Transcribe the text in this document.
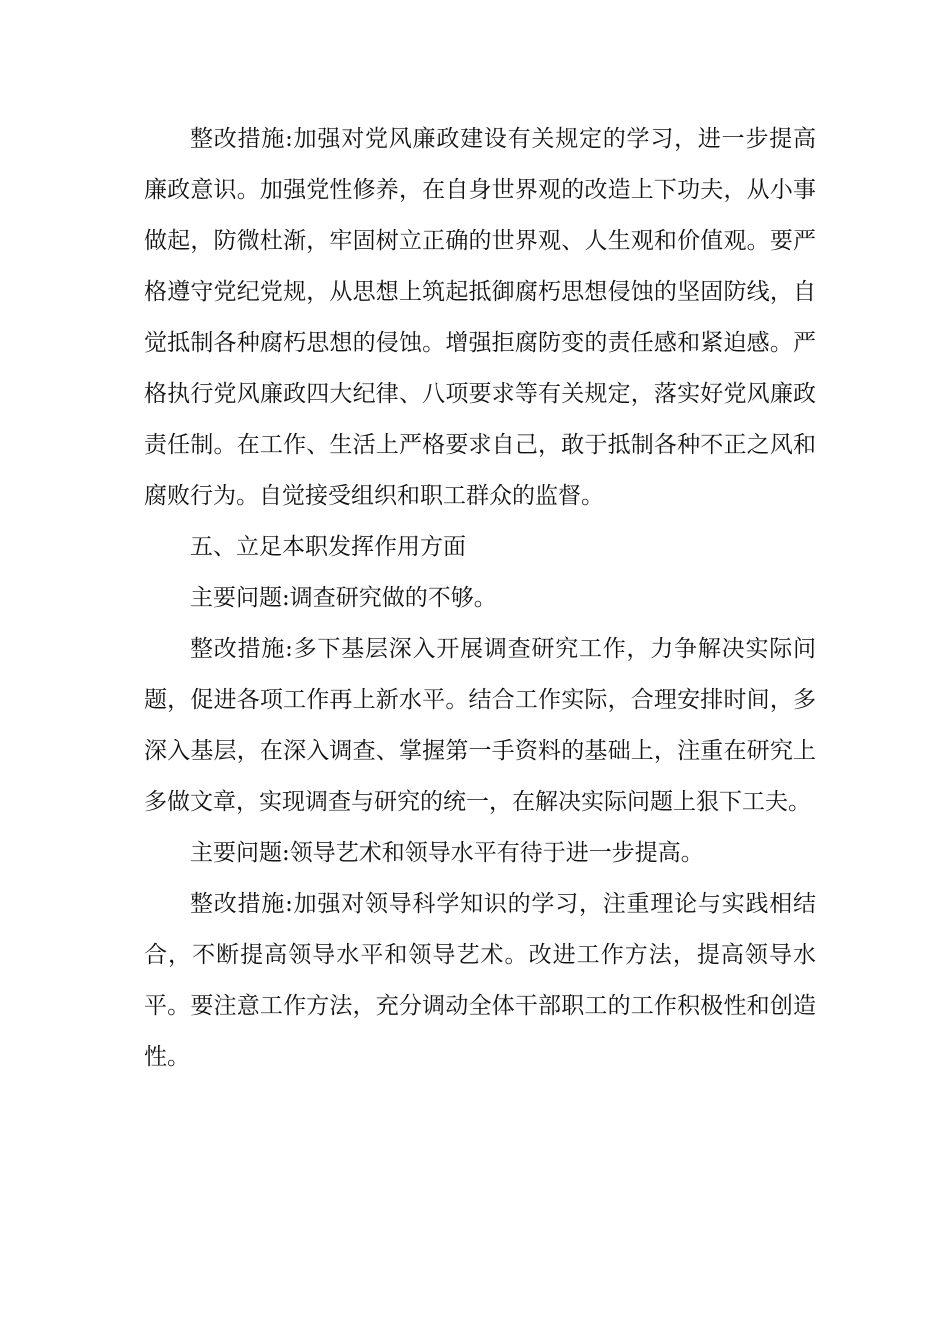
整改措施:加强对党风廉政建设有关规定的学习，进一步提高廉政意识。加强党性修养，在自身世界观的改造上下功夫，从小事做起，防微杜渐，牢固树立正确的世界观、人生观和价值观。要严格遵守党纪党规，从思想上筑起抵御腐朽思想侵蚀的坚固防线，自觉抵制各种腐朽思想的侵蚀。增强拒腐防变的责任感和紧迫感。严格执行党风廉政四大纪律、八项要求等有关规定，落实好党风廉政责任制。在工作、生活上严格要求自己，敢于抵制各种不正之风和腐败行为。自觉接受组织和职工群众的监督。

五、立足本职发挥作用方面

主要问题:调查研究做的不够。

整改措施:多下基层深入开展调查研究工作，力争解决实际问题，促进各项工作再上新水平。结合工作实际，合理安排时间，多深入基层，在深入调查、掌握第一手资料的基础上，注重在研究上多做文章，实现调查与研究的统一，在解决实际问题上狠下工夫。

主要问题:领导艺术和领导水平有待于进一步提高。

整改措施:加强对领导科学知识的学习，注重理论与实践相结合，不断提高领导水平和领导艺术。改进工作方法，提高领导水平。要注意工作方法，充分调动全体干部职工的工作积极性和创造性。
